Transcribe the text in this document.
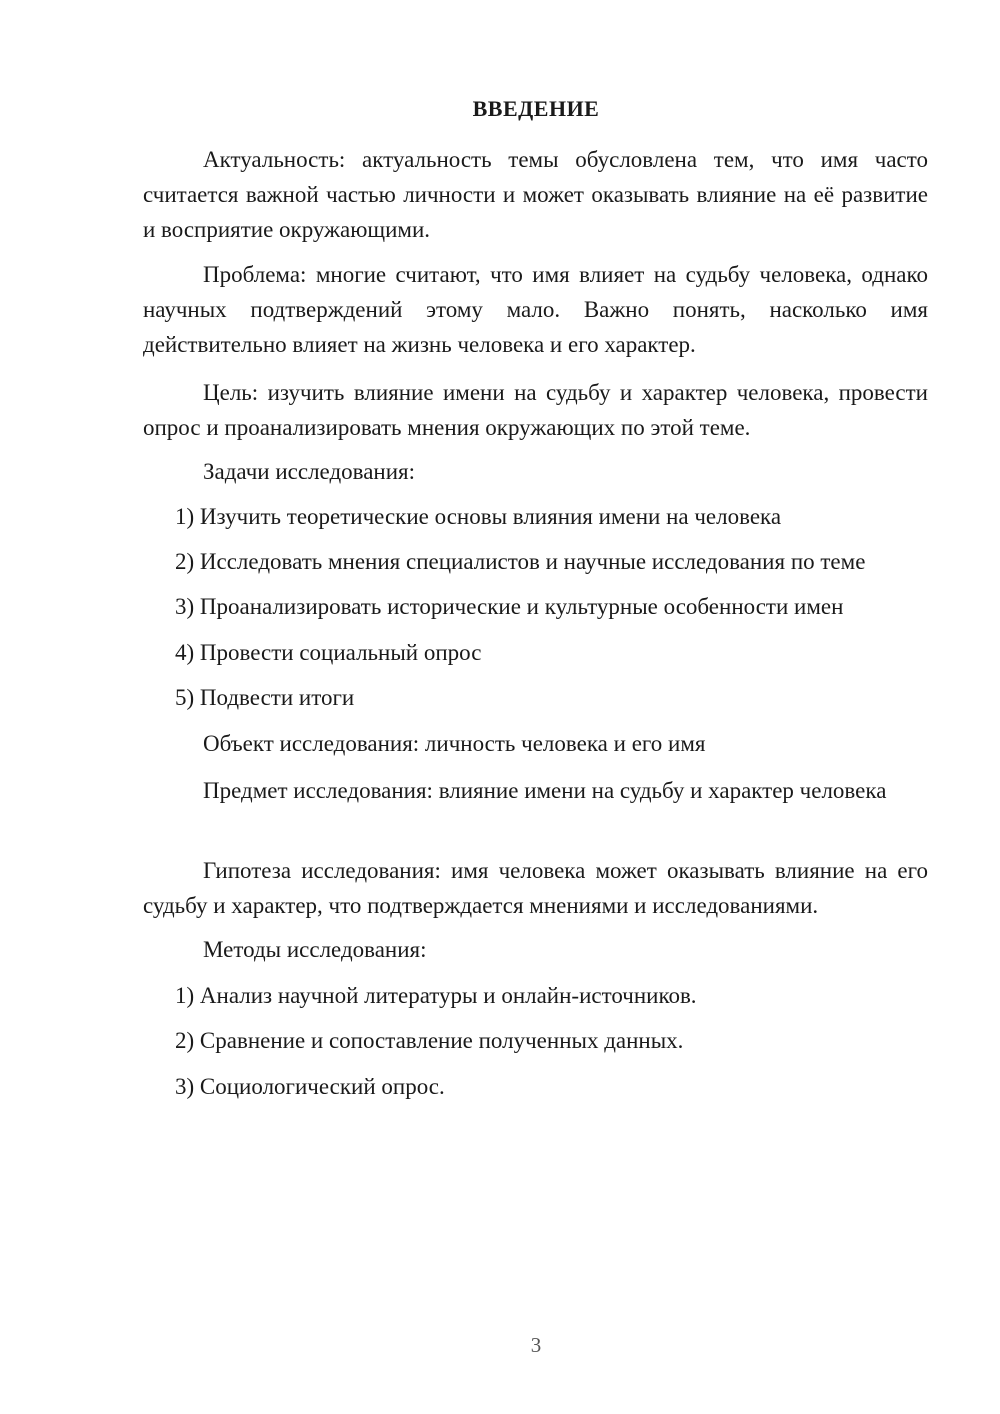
ВВЕДЕНИЕ

Актуальность: актуальность темы обусловлена тем, что имя часто считается важной частью личности и может оказывать влияние на её развитие и восприятие окружающими.

Проблема: многие считают, что имя влияет на судьбу человека, однако научных подтверждений этому мало. Важно понять, насколько имя действительно влияет на жизнь человека и его характер.

Цель: изучить влияние имени на судьбу и характер человека, провести опрос и проанализировать мнения окружающих по этой теме.

Задачи исследования:

1) Изучить теоретические основы влияния имени на человека

2) Исследовать мнения специалистов и научные исследования по теме

3) Проанализировать исторические и культурные особенности имен

4) Провести социальный опрос

5) Подвести итоги

Объект исследования: личность человека и его имя

Предмет исследования: влияние имени на судьбу и характер человека

Гипотеза исследования: имя человека может оказывать влияние на его судьбу и характер, что подтверждается мнениями и исследованиями.

Методы исследования:

1) Анализ научной литературы и онлайн-источников.

2) Сравнение и сопоставление полученных данных.

3) Социологический опрос.

3
